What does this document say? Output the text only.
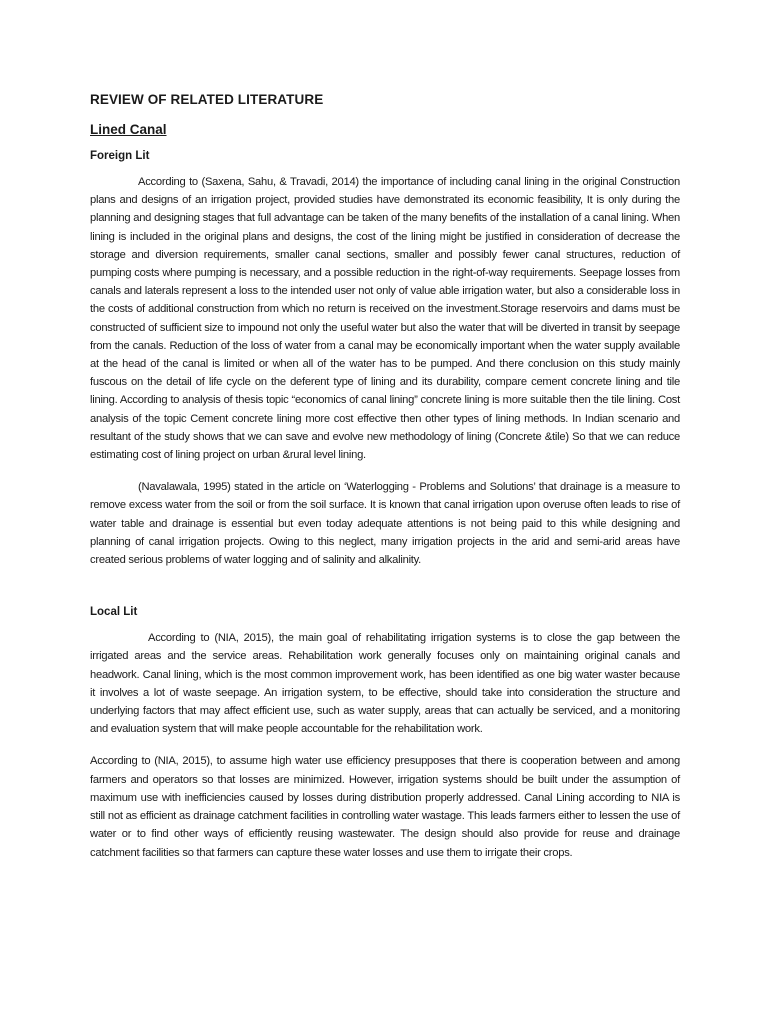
REVIEW OF RELATED LITERATURE
Lined Canal
Foreign Lit

According to (Saxena, Sahu, & Travadi, 2014) the importance of including canal lining in the original Construction plans and designs of an irrigation project, provided studies have demonstrated its economic feasibility, It is only during the planning and designing stages that full advantage can be taken of the many benefits of the installation of a canal lining. When lining is included in the original plans and designs, the cost of the lining might be justified in consideration of decrease the storage and diversion requirements, smaller canal sections, smaller and possibly fewer canal structures, reduction of pumping costs where pumping is necessary, and a possible reduction in the right-of-way requirements. Seepage losses from canals and laterals represent a loss to the intended user not only of value able irrigation water, but also a considerable loss in the costs of additional construction from which no return is received on the investment.Storage reservoirs and dams must be constructed of sufficient size to impound not only the useful water but also the water that will be diverted in transit by seepage from the canals. Reduction of the loss of water from a canal may be economically important when the water supply available at the head of the canal is limited or when all of the water has to be pumped. And there conclusion on this study mainly fuscous on the detail of life cycle on the deferent type of lining and its durability, compare cement concrete lining and tile lining. According to analysis of thesis topic “economics of canal lining” concrete lining is more suitable then the tile lining. Cost analysis of the topic Cement concrete lining more cost effective then other types of lining methods. In Indian scenario and resultant of the study shows that we can save and evolve new methodology of lining (Concrete &tile) So that we can reduce estimating cost of lining project on urban &rural level lining.

(Navalawala, 1995) stated in the article on ‘Waterlogging - Problems and Solutions’ that drainage is a measure to remove excess water from the soil or from the soil surface. It is known that canal irrigation upon overuse often leads to rise of water table and drainage is essential but even today adequate attentions is not being paid to this while designing and planning of canal irrigation projects. Owing to this neglect, many irrigation projects in the arid and semi-arid areas have created serious problems of water logging and of salinity and alkalinity.

Local Lit

According to (NIA, 2015), the main goal of rehabilitating irrigation systems is to close the gap between the irrigated areas and the service areas. Rehabilitation work generally focuses only on maintaining original canals and headwork. Canal lining, which is the most common improvement work, has been identified as one big water waster because it involves a lot of waste seepage. An irrigation system, to be effective, should take into consideration the structure and underlying factors that may affect efficient use, such as water supply, areas that can actually be serviced, and a monitoring and evaluation system that will make people accountable for the rehabilitation work.

According to (NIA, 2015), to assume high water use efficiency presupposes that there is cooperation between and among farmers and operators so that losses are minimized. However, irrigation systems should be built under the assumption of maximum use with inefficiencies caused by losses during distribution properly addressed. Canal Lining according to NIA is still not as efficient as drainage catchment facilities in controlling water wastage. This leads farmers either to lessen the use of water or to find other ways of efficiently reusing wastewater. The design should also provide for reuse and drainage catchment facilities so that farmers can capture these water losses and use them to irrigate their crops.
